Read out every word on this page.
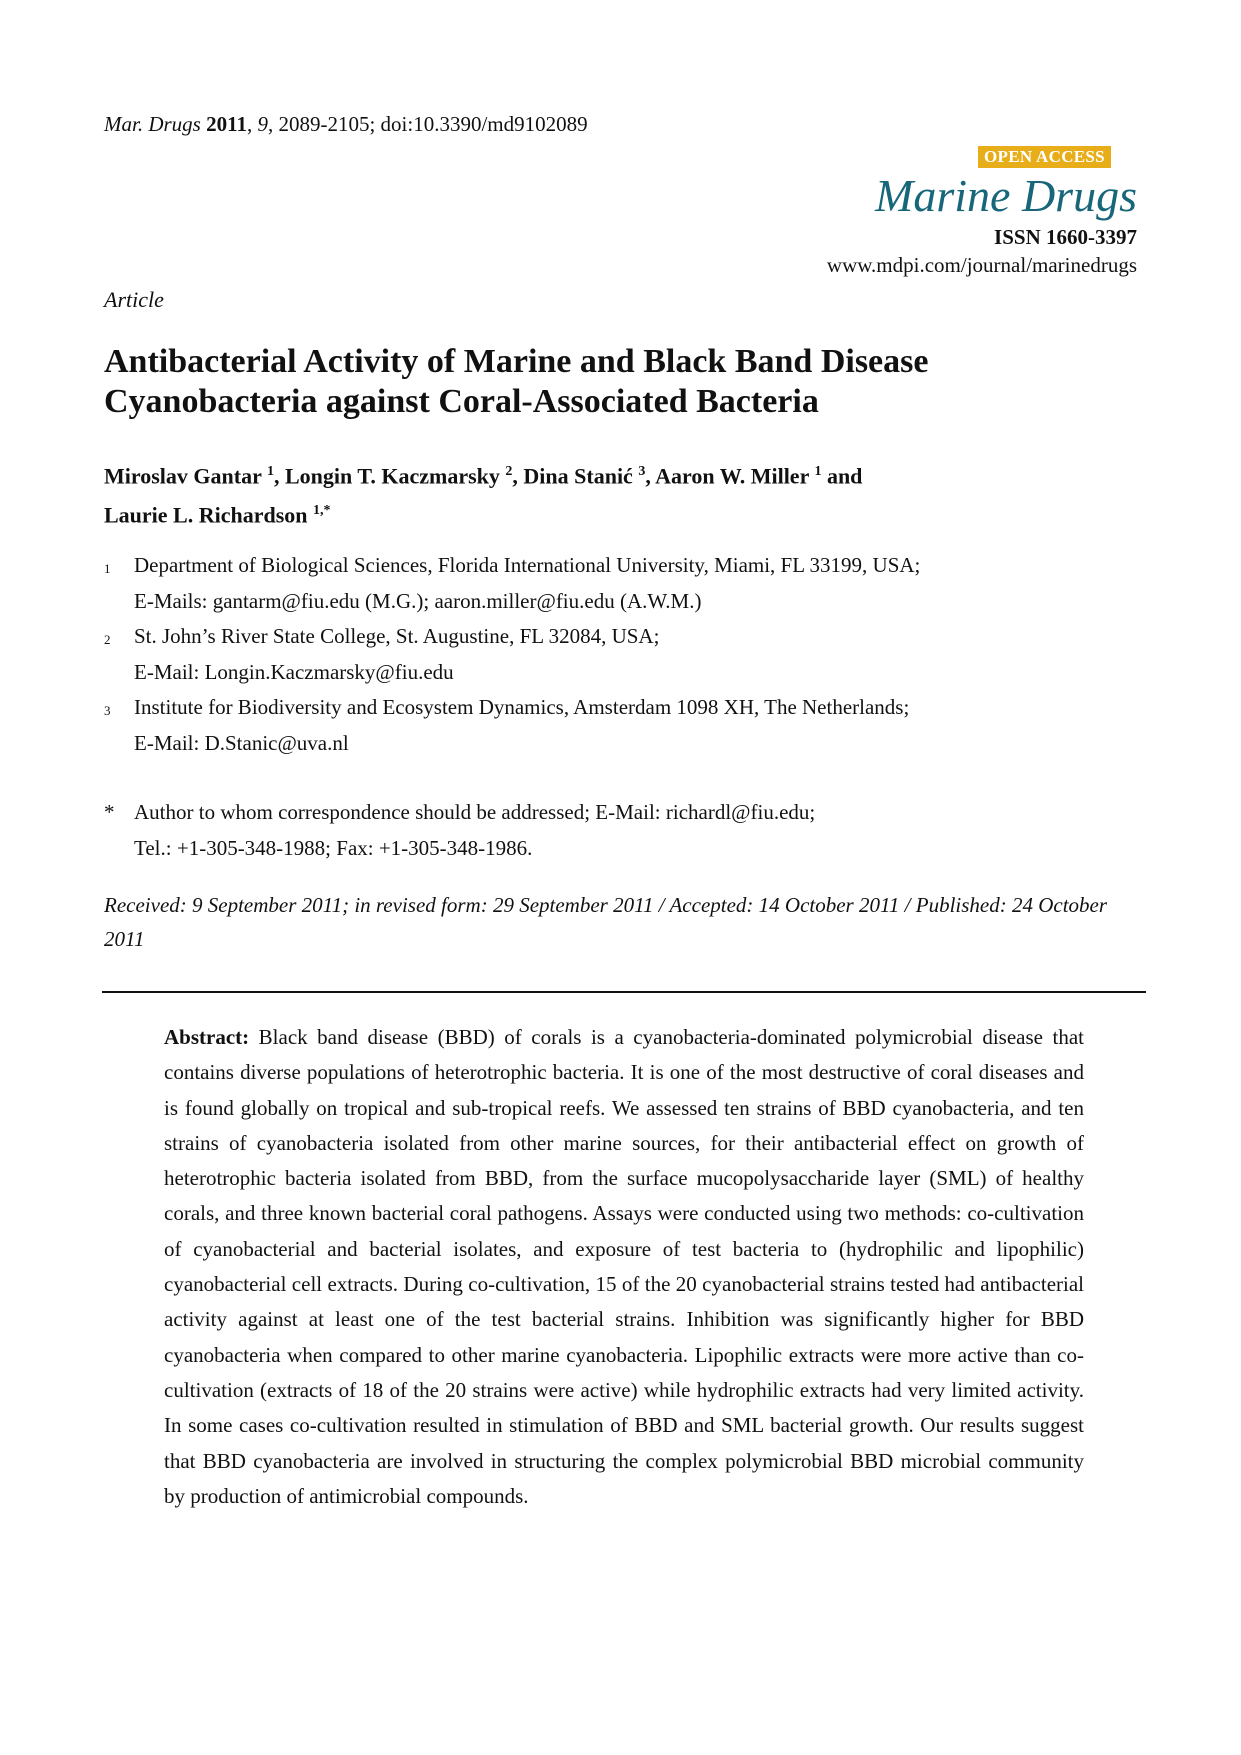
Mar. Drugs 2011, 9, 2089-2105; doi:10.3390/md9102089
OPEN ACCESS
Marine Drugs
ISSN 1660-3397
www.mdpi.com/journal/marinedrugs
Article
Antibacterial Activity of Marine and Black Band Disease Cyanobacteria against Coral-Associated Bacteria
Miroslav Gantar $^1$, Longin T. Kaczmarsky $^2$, Dina Stanić $^3$, Aaron W. Miller $^1$ and
Laurie L. Richardson $^{1,*}$
1 Department of Biological Sciences, Florida International University, Miami, FL 33199, USA;
E-Mails: gantarm@fiu.edu (M.G.); aaron.miller@fiu.edu (A.W.M.)
2 St. John’s River State College, St. Augustine, FL 32084, USA;
E-Mail: Longin.Kaczmarsky@fiu.edu
3 Institute for Biodiversity and Ecosystem Dynamics, Amsterdam 1098 XH, The Netherlands;
E-Mail: D.Stanic@uva.nl
* Author to whom correspondence should be addressed; E-Mail: richardl@fiu.edu;
Tel.: +1-305-348-1988; Fax: +1-305-348-1986.
Received: 9 September 2011; in revised form: 29 September 2011 / Accepted: 14 October 2011 / Published: 24 October 2011
Abstract: Black band disease (BBD) of corals is a cyanobacteria-dominated polymicrobial disease that contains diverse populations of heterotrophic bacteria. It is one of the most destructive of coral diseases and is found globally on tropical and sub-tropical reefs. We assessed ten strains of BBD cyanobacteria, and ten strains of cyanobacteria isolated from other marine sources, for their antibacterial effect on growth of heterotrophic bacteria isolated from BBD, from the surface mucopolysaccharide layer (SML) of healthy corals, and three known bacterial coral pathogens. Assays were conducted using two methods: co-cultivation of cyanobacterial and bacterial isolates, and exposure of test bacteria to (hydrophilic and lipophilic) cyanobacterial cell extracts. During co-cultivation, 15 of the 20 cyanobacterial strains tested had antibacterial activity against at least one of the test bacterial strains. Inhibition was significantly higher for BBD cyanobacteria when compared to other marine cyanobacteria. Lipophilic extracts were more active than co-cultivation (extracts of 18 of the 20 strains were active) while hydrophilic extracts had very limited activity. In some cases co-cultivation resulted in stimulation of BBD and SML bacterial growth. Our results suggest that BBD cyanobacteria are involved in structuring the complex polymicrobial BBD microbial community by production of antimicrobial compounds.
